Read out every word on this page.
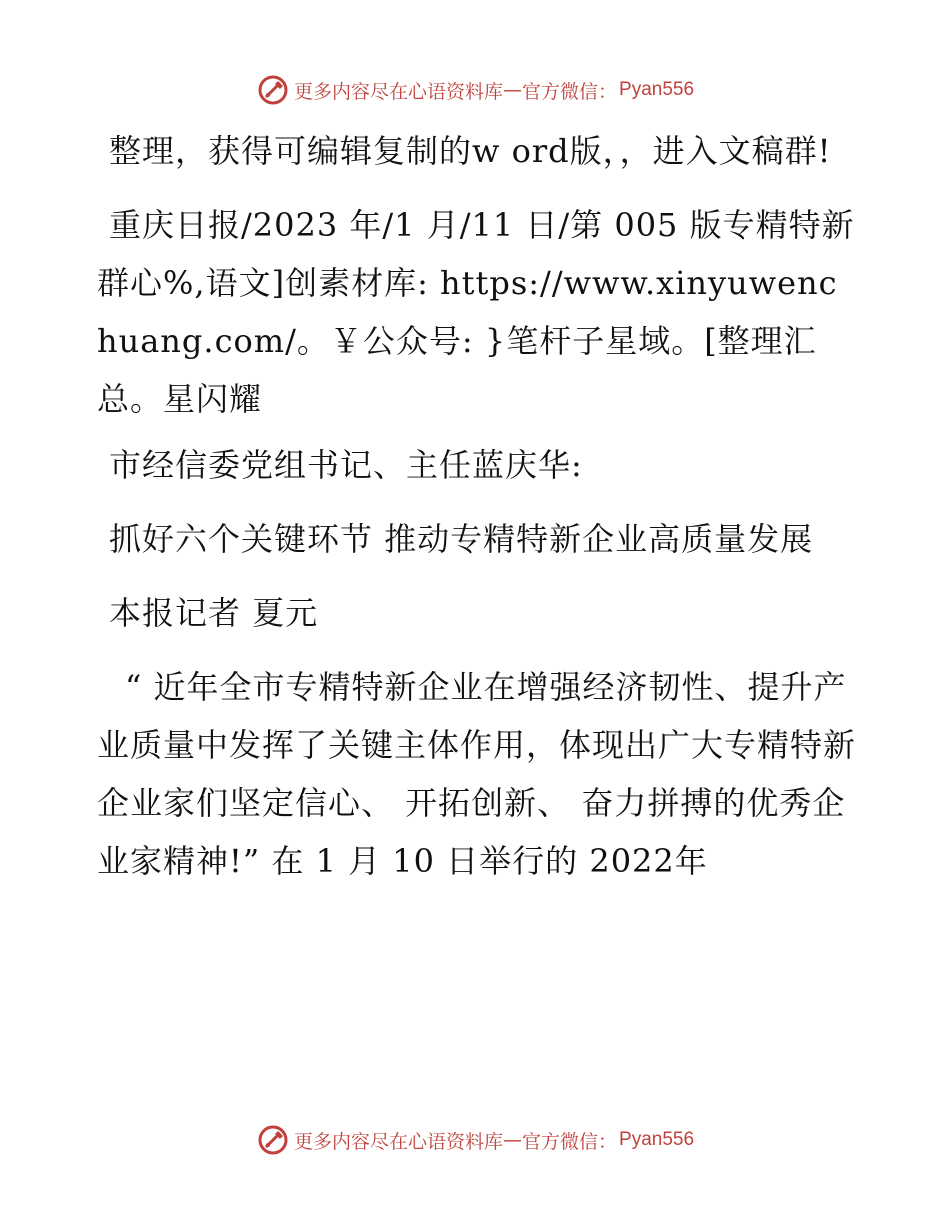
更多内容尽在心语资料库 — 官方微信 ： Pyan556

整理，获得可编辑复制的w ord版，，进入文稿群!

重庆日报/2023 年/1 月/11 日/第 005 版专精特新 群心%,语文]创素材库: https://www.xinyuwenchuang.com/。￥公众号: }笔杆子星域。[整理汇总。星闪耀

市经信委党组书记、主任蓝庆华:

抓好六个关键环节 推动专精特新企业高质量发展

本报记者 夏元

“ 近年全市专精特新企业在增强经济韧性、提升产业质量中发挥了关键主体作用，体现出广大专精特新企业家们坚定信心、 开拓创新、 奋力拼搏的优秀企业家精神!” 在 1 月 10 日举行的 2022年

更多内容尽在心语资料库 — 官方微信 ： Pyan556
